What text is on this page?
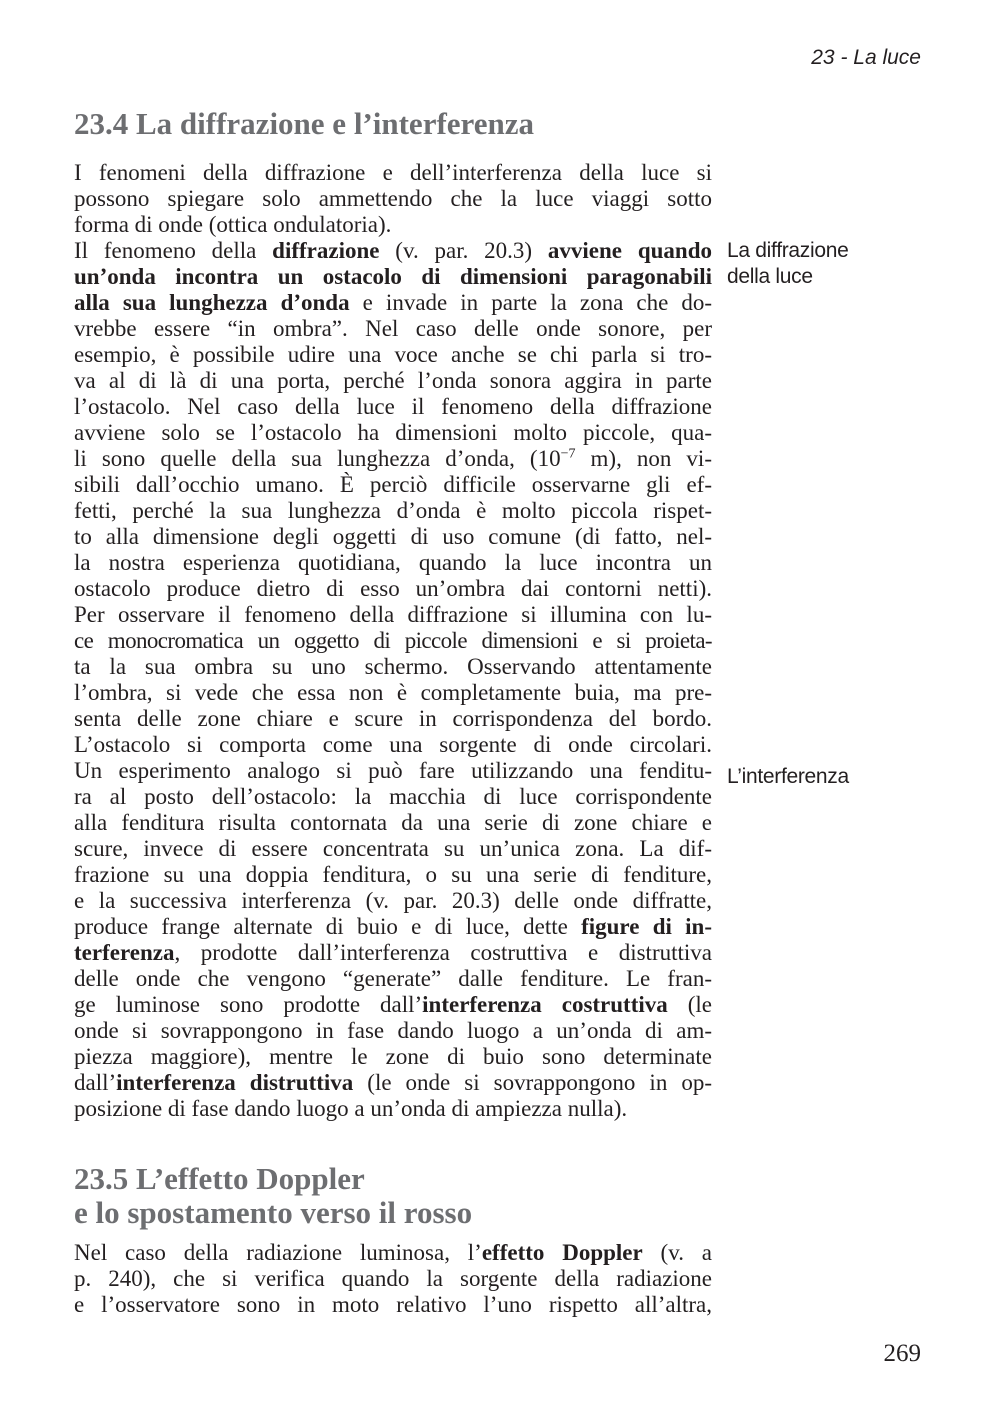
23 - La luce
23.4 La diffrazione e l’interferenza
I fenomeni della diffrazione e dell’interferenza della luce si
possono spiegare solo ammettendo che la luce viaggi sotto
forma di onde (ottica ondulatoria).
Il fenomeno della diffrazione (v. par. 20.3) avviene quando
un’onda incontra un ostacolo di dimensioni paragonabili
alla sua lunghezza d’onda e invade in parte la zona che do-
vrebbe essere “in ombra”. Nel caso delle onde sonore, per
esempio, è possibile udire una voce anche se chi parla si tro-
va al di là di una porta, perché l’onda sonora aggira in parte
l’ostacolo. Nel caso della luce il fenomeno della diffrazione
avviene solo se l’ostacolo ha dimensioni molto piccole, qua-
li sono quelle della sua lunghezza d’onda, ($10^{-7}$ m), non vi-
sibili dall’occhio umano. È perciò difficile osservarne gli ef-
fetti, perché la sua lunghezza d’onda è molto piccola rispet-
to alla dimensione degli oggetti di uso comune (di fatto, nel-
la nostra esperienza quotidiana, quando la luce incontra un
ostacolo produce dietro di esso un’ombra dai contorni netti).
Per osservare il fenomeno della diffrazione si illumina con lu-
ce monocromatica un oggetto di piccole dimensioni e si proieta-
ta la sua ombra su uno schermo. Osservando attentamente
l’ombra, si vede che essa non è completamente buia, ma pre-
senta delle zone chiare e scure in corrispondenza del bordo.
L’ostacolo si comporta come una sorgente di onde circolari.
Un esperimento analogo si può fare utilizzando una fenditu-
ra al posto dell’ostacolo: la macchia di luce corrispondente
alla fenditura risulta contornata da una serie di zone chiare e
scure, invece di essere concentrata su un’unica zona. La dif-
frazione su una doppia fenditura, o su una serie di fenditure,
e la successiva interferenza (v. par. 20.3) delle onde diffratte,
produce frange alternate di buio e di luce, dette figure di in-
terferenza, prodotte dall’interferenza costruttiva e distruttiva
delle onde che vengono “generate” dalle fenditure. Le fran-
ge luminose sono prodotte dall’interferenza costruttiva (le
onde si sovrappongono in fase dando luogo a un’onda di am-
piezza maggiore), mentre le zone di buio sono determinate
dall’interferenza distruttiva (le onde si sovrappongono in op-
posizione di fase dando luogo a un’onda di ampiezza nulla).
La diffrazione
della luce
L’interferenza
23.5 L’effetto Doppler
e lo spostamento verso il rosso
Nel caso della radiazione luminosa, l’effetto Doppler (v. a
p. 240), che si verifica quando la sorgente della radiazione
e l’osservatore sono in moto relativo l’uno rispetto all’altra,
269
